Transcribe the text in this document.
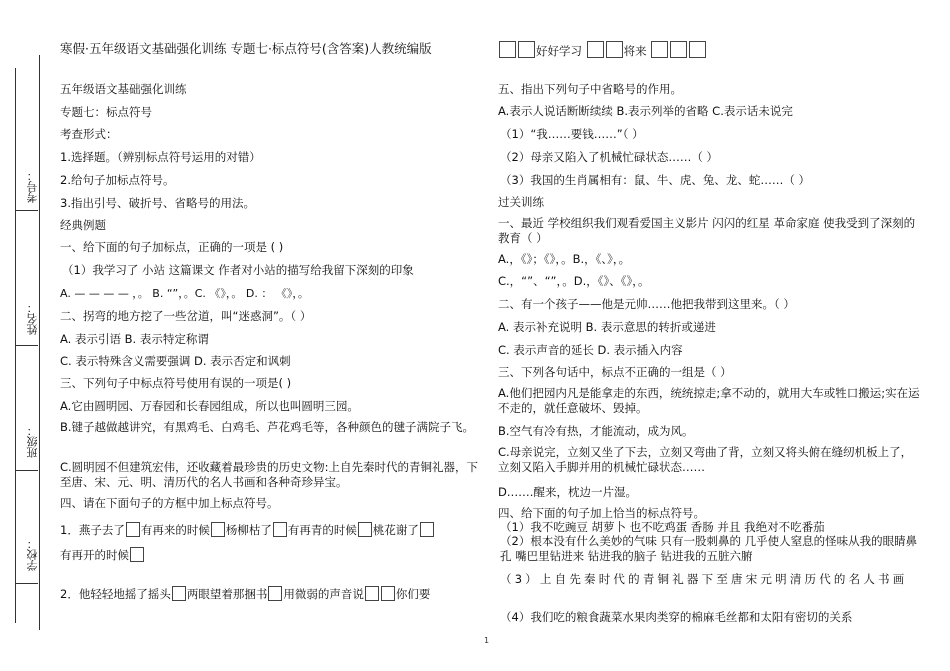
考号：
姓名：
班级：
学校：
寒假·五年级语文基础强化训练 专题七·标点符号(含答案)人教统编版	好好学习	将来
五年级语文基础强化训练
专题七：标点符号
考查形式：
1.选择题。（辨别标点符号运用的对错）
2.给句子加标点符号。
3.指出引号、破折号、省略号的用法。
经典例题
一、给下面的句子加标点，正确的一项是 ( )
（1）我学习了 小站 这篇课文 作者对小站的描写给我留下深刻的印象
A. — — — — ，。 B. “”，。C. 《》，。 D. ： 《》，。
二、拐弯的地方挖了一些岔道，叫“迷惑洞”。（ ）
A. 表示引语 B. 表示特定称谓
C. 表示特殊含义需要强调 D. 表示否定和讽刺
三、下列句子中标点符号使用有误的一项是( )
A.它由圆明园、万春园和长春园组成，所以也叫圆明三园。
B.键子越做越讲究，有黑鸡毛、白鸡毛、芦花鸡毛等，各种颜色的毽子满院子飞。
C.圆明园不但建筑宏伟，还收藏着最珍贵的历史文物:上自先秦时代的青铜礼器，下至唐、宋、元、明、清历代的名人书画和各种奇珍异宝。
四、请在下面句子的方框中加上标点符号。
1．燕子去了 有再来的时候 杨柳枯了 有再青的时候 桃花谢了
有再开的时候
2．他轻轻地摇了摇头 两眼望着那捆书 用微弱的声音说	你们要
五、指出下列句子中省略号的作用。
A.表示人说话断断续续 B.表示列举的省略 C.表示话未说完
（1）“我……要钱……”（ ）
（2）母亲又陷入了机械忙碌状态……（ ）
（3）我国的生肖属相有：鼠、牛、虎、兔、龙、蛇……（ ）
过关训练
一、最近 学校组织我们观看爱国主义影片 闪闪的红星 革命家庭 使我受到了深刻的教育（ ）
A.，《》；《》，。B.，《、》，。
C.，“”、“”，。D.，《》、《》，。
二、有一个孩子——他是元帅……他把我带到这里来。（ ）
A. 表示补充说明 B. 表示意思的转折或递进
C. 表示声音的延长 D. 表示插入内容
三、下列各句话中，标点不正确的一组是（ ）
A.他们把园内凡是能拿走的东西，统统掠走;拿不动的，就用大车或牲口搬运;实在运不走的，就任意破坏、毁掉。
B.空气有冷有热，才能流动，成为风。
C.母亲说完，立刻又坐了下去，立刻又弯曲了背，立刻又将头俯在缝纫机板上了，立刻又陷入手脚并用的机械忙碌状态……
D.……醒来，枕边一片湿。
四、给下面的句子加上恰当的标点符号。
（1）我不吃豌豆 胡萝卜 也不吃鸡蛋 香肠 并且 我绝对不吃番茄
（2）根本没有什么美妙的气味 只有一股刺鼻的 几乎使人窒息的怪味从我的眼睛鼻孔 嘴巴里钻进来 钻进我的脑子 钻进我的五脏六腑
（3）上自先秦时代的青铜礼器下至唐宋元明清历代的名人书画
（4）我们吃的粮食蔬菜水果肉类穿的棉麻毛丝都和太阳有密切的关系
1
